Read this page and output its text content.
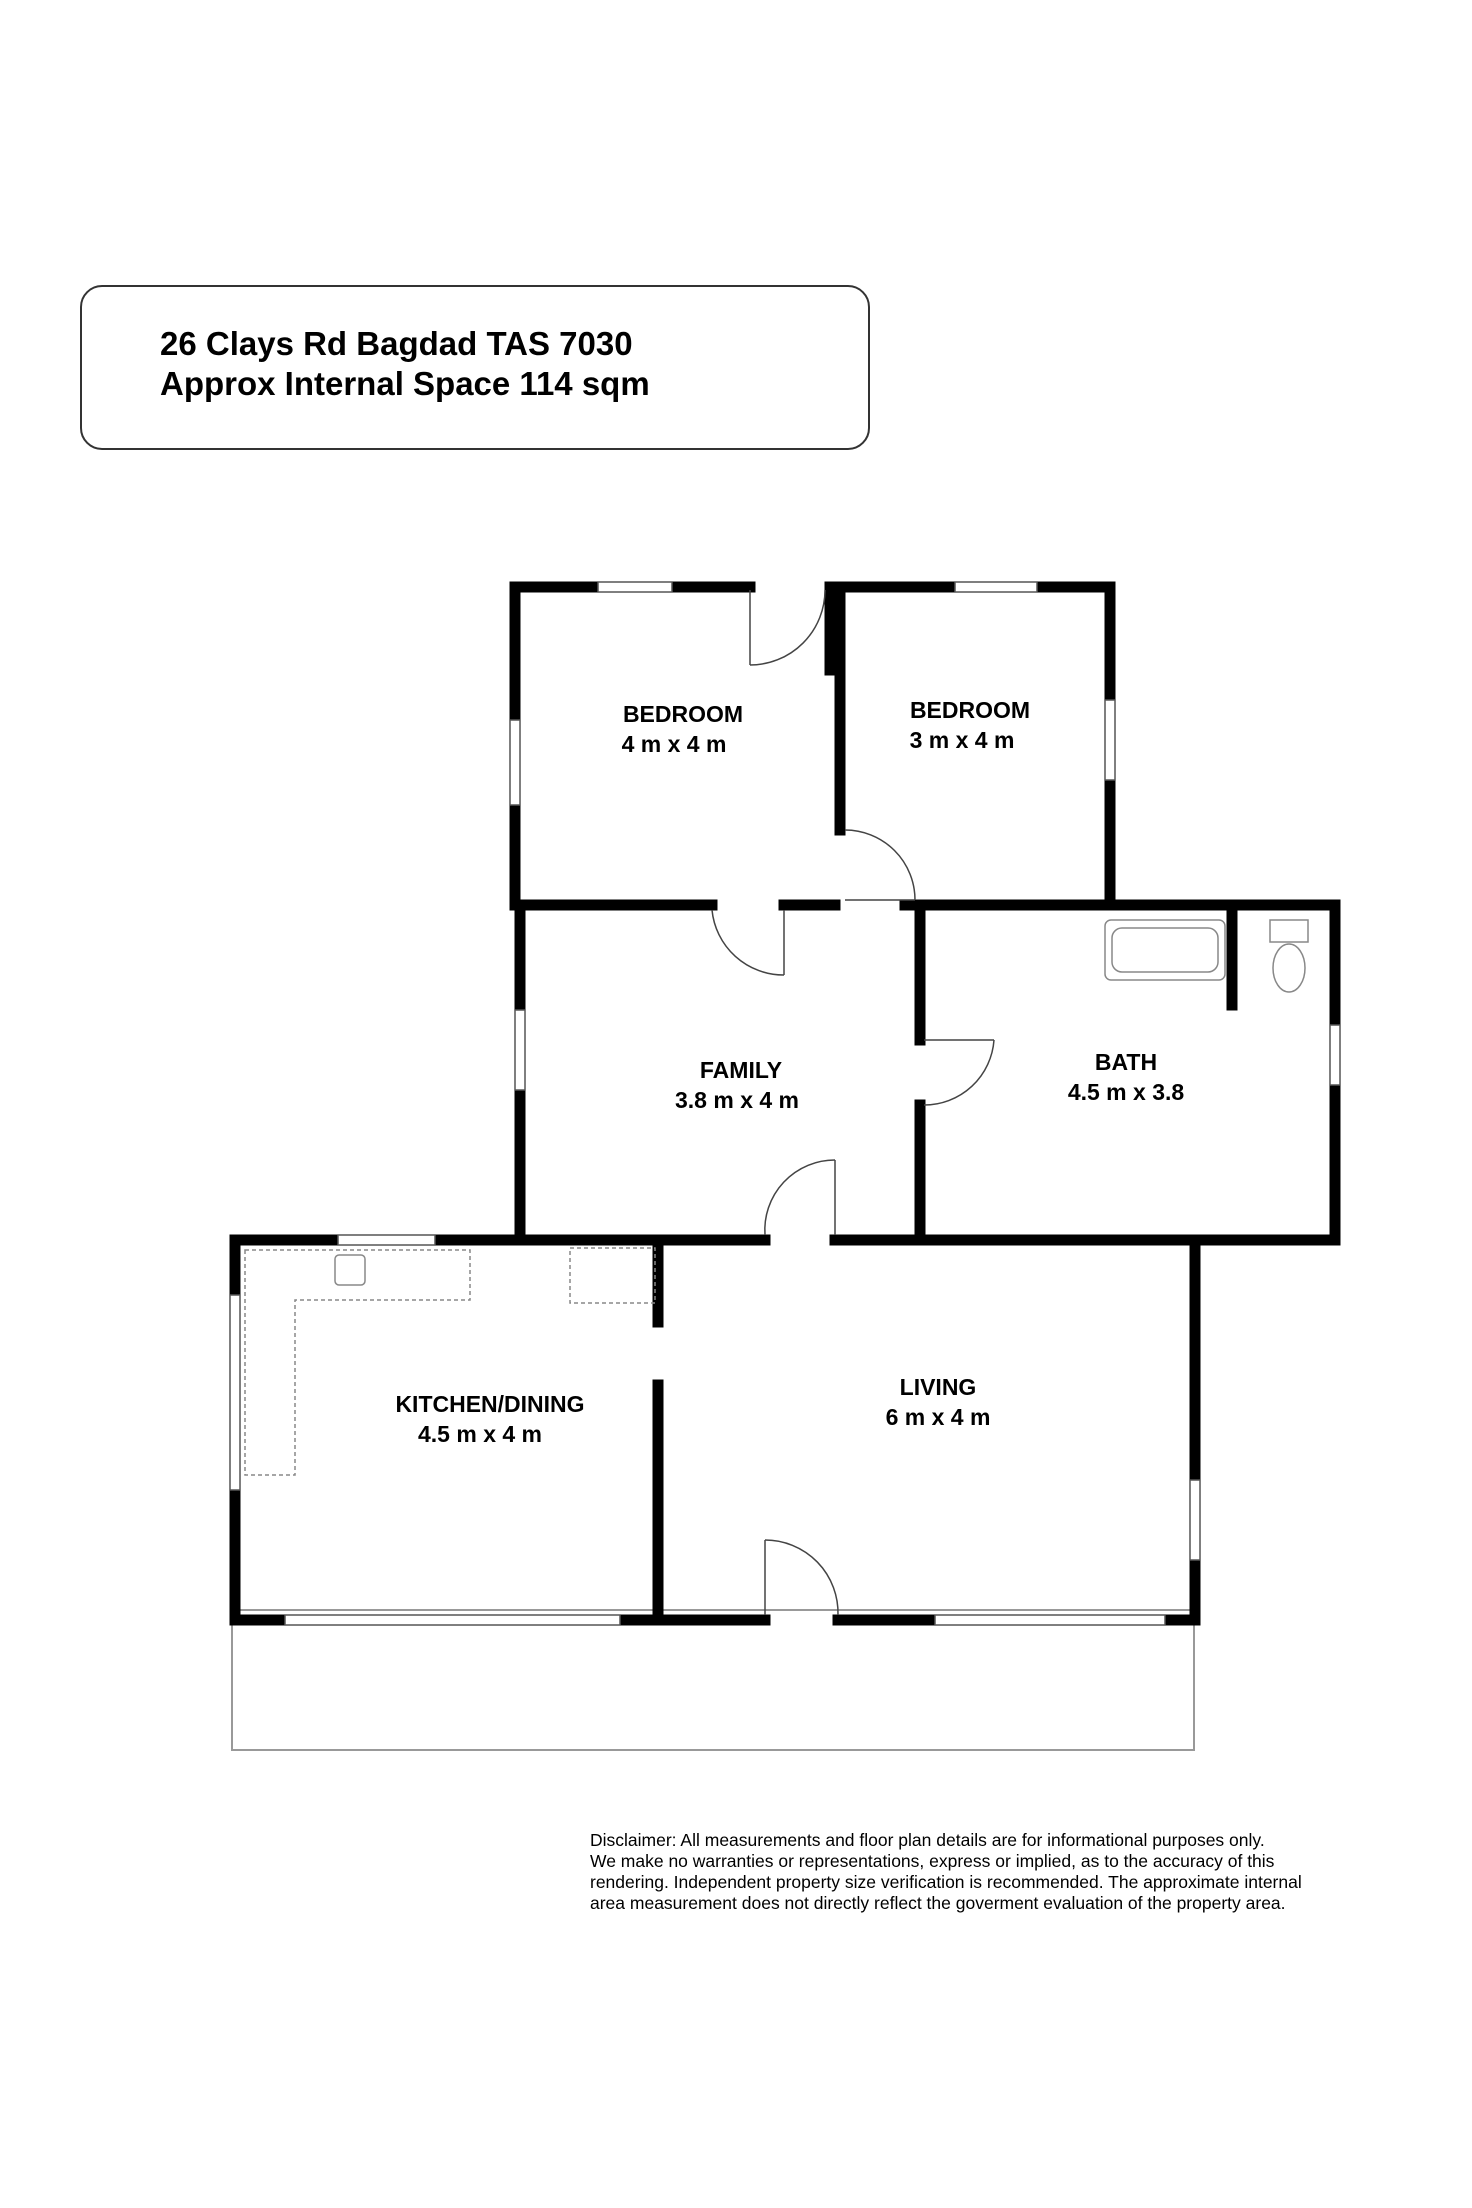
26 Clays Rd Bagdad TAS 7030
Approx Internal Space 114 sqm
BEDROOM
4 m x 4 m
BEDROOM
3 m x 4 m
FAMILY
3.8 m x 4 m
BATH
4.5 m x 3.8
KITCHEN/DINING
4.5 m x 4 m
LIVING
6 m x 4 m
Disclaimer: All measurements and floor plan details are for informational purposes only.
We make no warranties or representations, express or implied, as to the accuracy of this
rendering. Independent property size verification is recommended. The approximate internal
area measurement does not directly reflect the goverment evaluation of the property area.
